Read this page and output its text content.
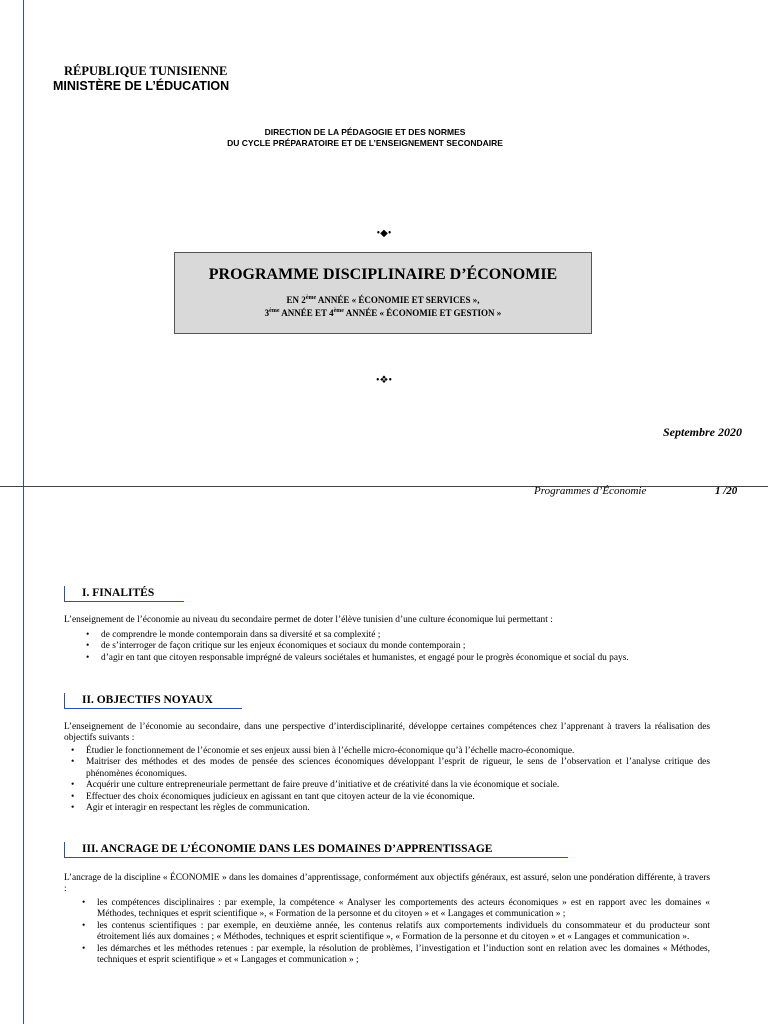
RÉPUBLIQUE TUNISIENNE
MINISTÈRE DE L’ÉDUCATION
DIRECTION DE LA PÉDAGOGIE ET DES NORMES
DU CYCLE PRÉPARATOIRE ET DE L’ENSEIGNEMENT SECONDAIRE
•◆•
PROGRAMME DISCIPLINAIRE D’ÉCONOMIE
EN 2ème ANNÉE « ÉCONOMIE ET SERVICES »,
3ème ANNÉE ET 4ème ANNÉE « ÉCONOMIE ET GESTION »
•❖•
Septembre 2020
Programmes d’Économie	1 /20
I. FINALITÉS
L’enseignement de l’économie au niveau du secondaire permet de doter l’élève tunisien d’une culture économique lui permettant :
• de comprendre le monde contemporain dans sa diversité et sa complexité ;
• de s’interroger de façon critique sur les enjeux économiques et sociaux du monde contemporain ;
• d’agir en tant que citoyen responsable imprégné de valeurs sociétales et humanistes, et engagé pour le progrès économique et social du pays.
II. OBJECTIFS NOYAUX
L’enseignement de l’économie au secondaire, dans une perspective d’interdisciplinarité, développe certaines compétences chez l’apprenant à travers la réalisation des objectifs suivants :
• Étudier le fonctionnement de l’économie et ses enjeux aussi bien à l’échelle micro-économique qu’à l’échelle macro-économique.
• Maitriser des méthodes et des modes de pensée des sciences économiques développant l’esprit de rigueur, le sens de l’observation et l’analyse critique des phénomènes économiques.
• Acquérir une culture entrepreneuriale permettant de faire preuve d’initiative et de créativité dans la vie économique et sociale.
• Effectuer des choix économiques judicieux en agissant en tant que citoyen acteur de la vie économique.
• Agir et interagir en respectant les règles de communication.
III. ANCRAGE DE L’ÉCONOMIE DANS LES DOMAINES D’APPRENTISSAGE
L’ancrage de la discipline « ÉCONOMIE » dans les domaines d’apprentissage, conformément aux objectifs généraux, est assuré, selon une pondération différente, à travers :
• les compétences disciplinaires : par exemple, la compétence « Analyser les comportements des acteurs économiques » est en rapport avec les domaines « Méthodes, techniques et esprit scientifique », « Formation de la personne et du citoyen » et « Langages et communication » ;
• les contenus scientifiques : par exemple, en deuxième année, les contenus relatifs aux comportements individuels du consommateur et du producteur sont étroitement liés aux domaines ; « Méthodes, techniques et esprit scientifique », « Formation de la personne et du citoyen » et « Langages et communication ».
• les démarches et les méthodes retenues : par exemple, la résolution de problèmes, l’investigation et l’induction sont en relation avec les domaines « Méthodes, techniques et esprit scientifique » et « Langages et communication » ;
